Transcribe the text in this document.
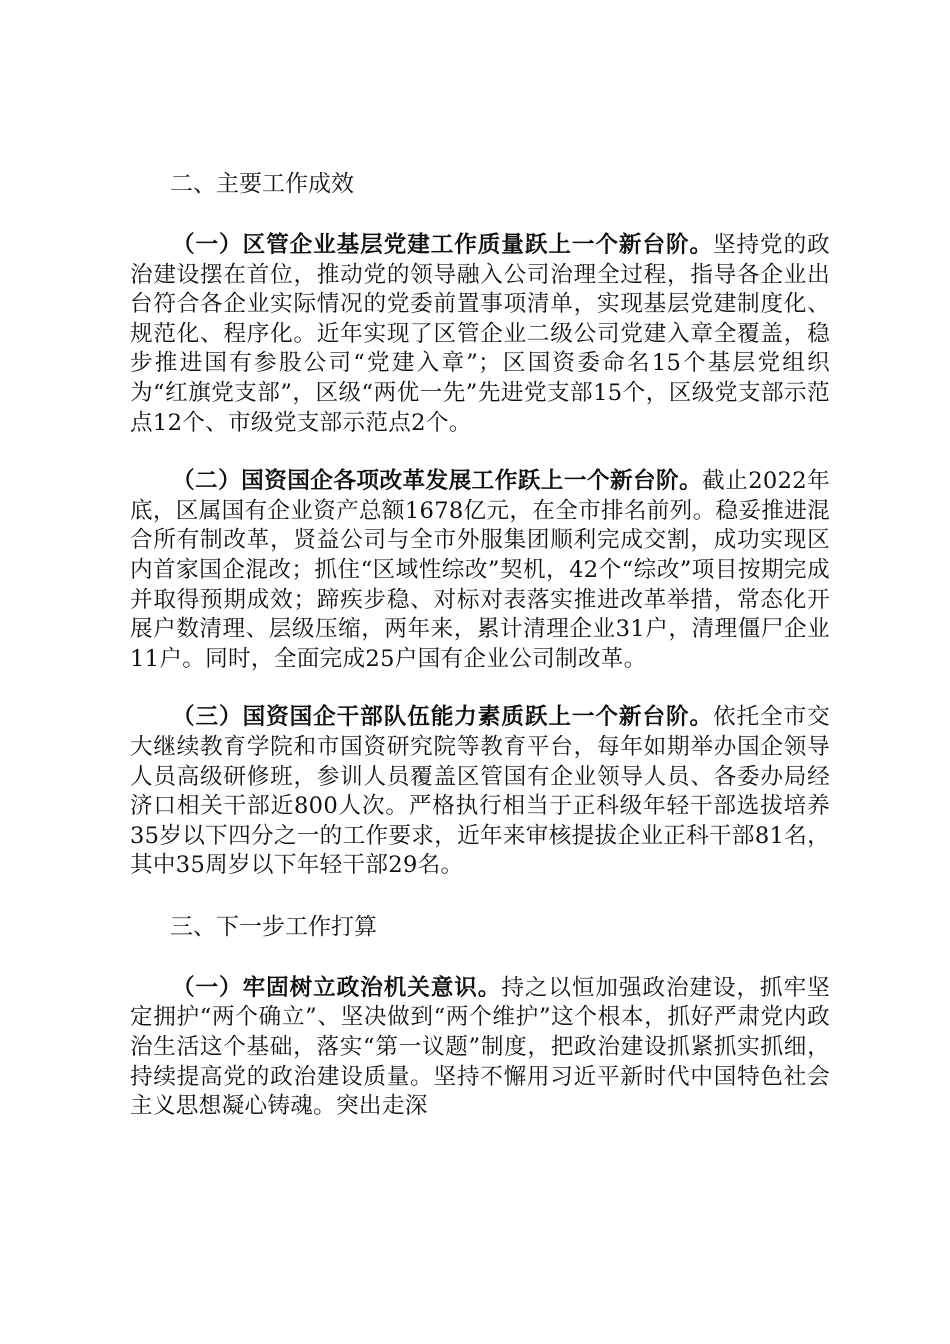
二、主要工作成效

（一）区管企业基层党建工作质量跃上一个新台阶。坚持党的政治建设摆在首位，推动党的领导融入公司治理全过程，指导各企业出台符合各企业实际情况的党委前置事项清单，实现基层党建制度化、规范化、程序化。近年实现了区管企业二级公司党建入章全覆盖，稳步推进国有参股公司“党建入章”；区国资委命名15个基层党组织为“红旗党支部”，区级“两优一先”先进党支部15个，区级党支部示范点12个、市级党支部示范点2个。

（二）国资国企各项改革发展工作跃上一个新台阶。截止2022年底，区属国有企业资产总额1678亿元，在全市排名前列。稳妥推进混合所有制改革，贤益公司与全市外服集团顺利完成交割，成功实现区内首家国企混改；抓住“区域性综改”契机，42个“综改”项目按期完成并取得预期成效；蹄疾步稳、对标对表落实推进改革举措，常态化开展户数清理、层级压缩，两年来，累计清理企业31户，清理僵尸企业11户。同时，全面完成25户国有企业公司制改革。

（三）国资国企干部队伍能力素质跃上一个新台阶。依托全市交大继续教育学院和市国资研究院等教育平台，每年如期举办国企领导人员高级研修班，参训人员覆盖区管国有企业领导人员、各委办局经济口相关干部近800人次。严格执行相当于正科级年轻干部选拔培养35岁以下四分之一的工作要求，近年来审核提拔企业正科干部81名，其中35周岁以下年轻干部29名。

三、下一步工作打算

（一）牢固树立政治机关意识。持之以恒加强政治建设，抓牢坚定拥护“两个确立”、坚决做到“两个维护”这个根本，抓好严肃党内政治生活这个基础，落实“第一议题”制度，把政治建设抓紧抓实抓细，持续提高党的政治建设质量。坚持不懈用习近平新时代中国特色社会主义思想凝心铸魂。突出走深
